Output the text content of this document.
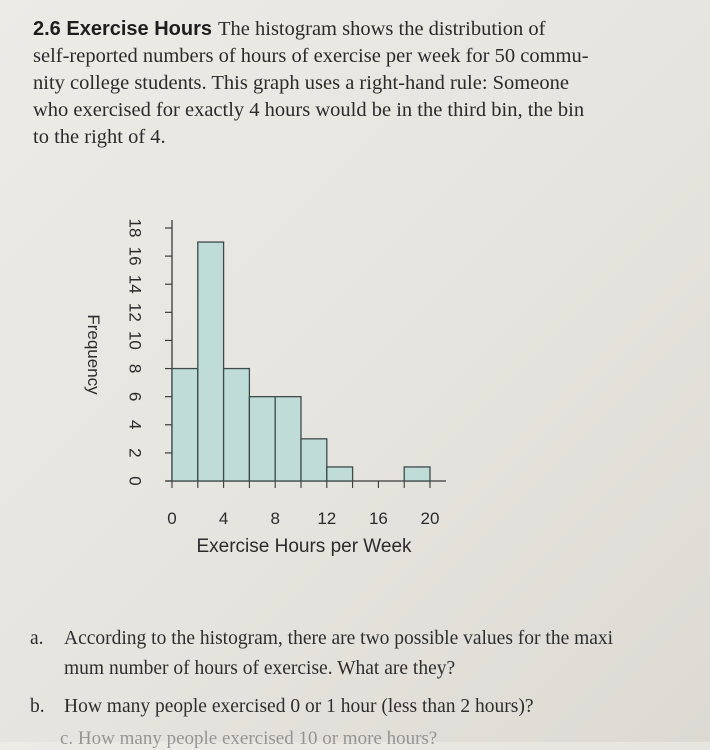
2.6 Exercise Hours The histogram shows the distribution of
self-reported numbers of hours of exercise per week for 50 commu-
nity college students. This graph uses a right-hand rule: Someone
who exercised for exactly 4 hours would be in the third bin, the bin
to the right of 4.
0
2
4
6
8
10
12
14
16
18
Frequency
0 4 8 12 16 20
Exercise Hours per Week
a.	According to the histogram, there are two possible values for the maxi
mum number of hours of exercise. What are they?
b. How many people exercised 0 or 1 hour (less than 2 hours)?
c. How many people exercised 10 or more hours?
